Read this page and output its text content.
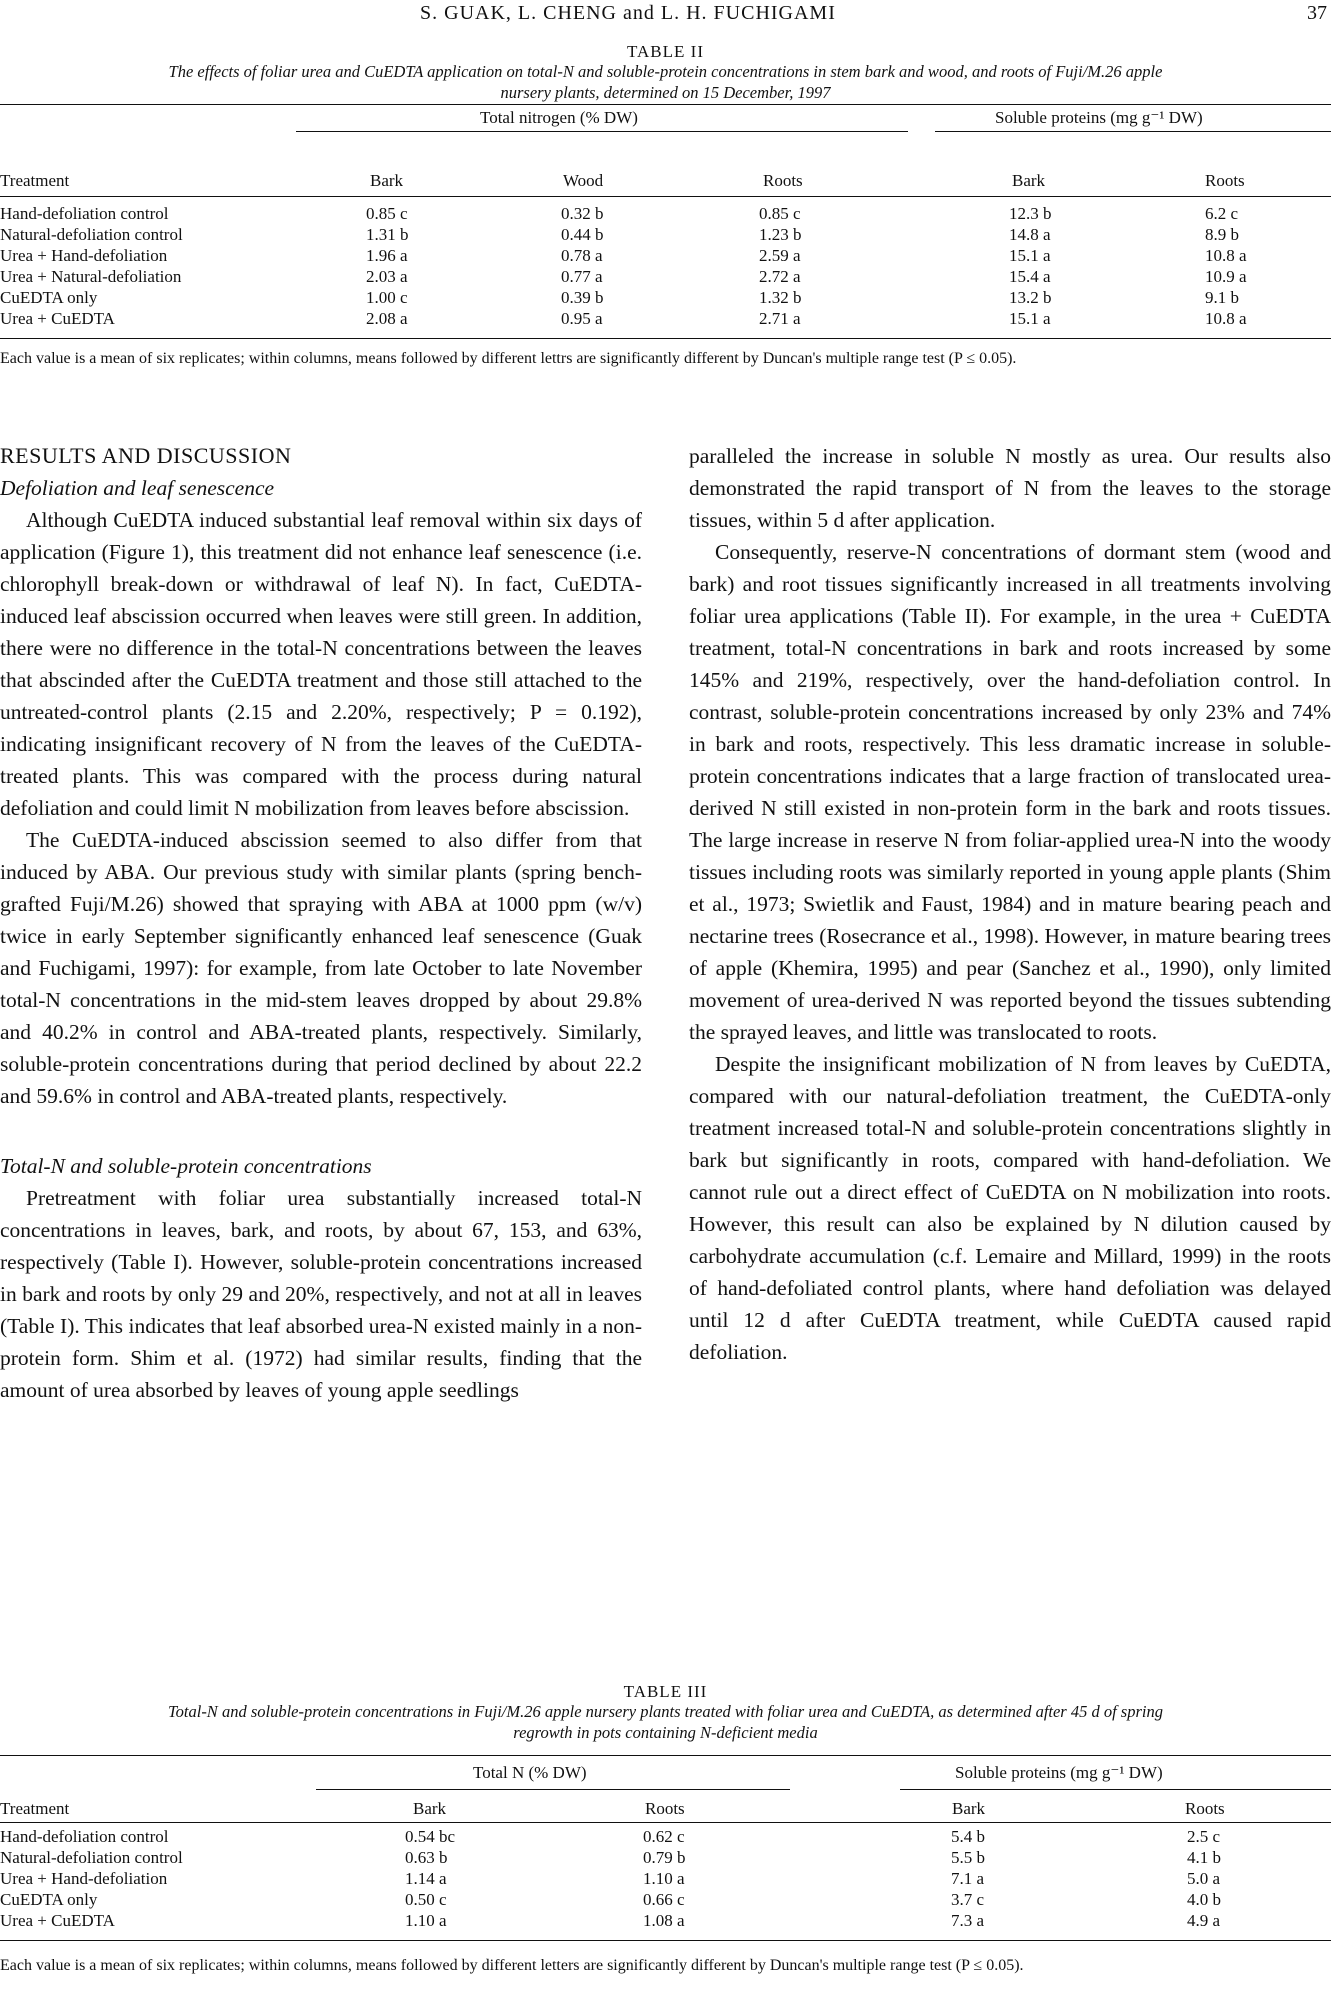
S. GUAK, L. CHENG and L. H. FUCHIGAMI	37
TABLE II
The effects of foliar urea and CuEDTA application on total-N and soluble-protein concentrations in stem bark and wood, and roots of Fuji/M.26 apple
nursery plants, determined on 15 December, 1997
Total nitrogen (% DW)	Soluble proteins (mg g⁻¹ DW)
Treatment	Bark	Wood	Roots	Bark	Roots
Hand-defoliation control	0.85 c	0.32 b	0.85 c	12.3 b	6.2 c
Natural-defoliation control	1.31 b	0.44 b	1.23 b	14.8 a	8.9 b
Urea + Hand-defoliation	1.96 a	0.78 a	2.59 a	15.1 a	10.8 a
Urea + Natural-defoliation	2.03 a	0.77 a	2.72 a	15.4 a	10.9 a
CuEDTA only	1.00 c	0.39 b	1.32 b	13.2 b	9.1 b
Urea + CuEDTA	2.08 a	0.95 a	2.71 a	15.1 a	10.8 a
Each value is a mean of six replicates; within columns, means followed by different lettrs are significantly different by Duncan's multiple range test (P ≤ 0.05).

RESULTS AND DISCUSSION

Defoliation and leaf senescence

Although CuEDTA induced substantial leaf removal within six days of application (Figure 1), this treatment did not enhance leaf senescence (i.e. chlorophyll break-down or withdrawal of leaf N). In fact, CuEDTA-induced leaf abscission occurred when leaves were still green. In addition, there were no difference in the total-N concentrations between the leaves that abscinded after the CuEDTA treatment and those still attached to the untreated-control plants (2.15 and 2.20%, respectively; P = 0.192), indicating insignificant recovery of N from the leaves of the CuEDTA-treated plants. This was compared with the process during natural defoliation and could limit N mobilization from leaves before abscission.

The CuEDTA-induced abscission seemed to also differ from that induced by ABA. Our previous study with similar plants (spring bench-grafted Fuji/M.26) showed that spraying with ABA at 1000 ppm (w/v) twice in early September significantly enhanced leaf senescence (Guak and Fuchigami, 1997): for example, from late October to late November total-N concentrations in the mid-stem leaves dropped by about 29.8% and 40.2% in control and ABA-treated plants, respectively. Similarly, soluble-protein concentrations during that period declined by about 22.2 and 59.6% in control and ABA-treated plants, respectively.

Total-N and soluble-protein concentrations

Pretreatment with foliar urea substantially increased total-N concentrations in leaves, bark, and roots, by about 67, 153, and 63%, respectively (Table I). However, soluble-protein concentrations increased in bark and roots by only 29 and 20%, respectively, and not at all in leaves (Table I). This indicates that leaf absorbed urea-N existed mainly in a non-protein form. Shim et al. (1972) had similar results, finding that the amount of urea absorbed by leaves of young apple seedlings

paralleled the increase in soluble N mostly as urea. Our results also demonstrated the rapid transport of N from the leaves to the storage tissues, within 5 d after application.

Consequently, reserve-N concentrations of dormant stem (wood and bark) and root tissues significantly increased in all treatments involving foliar urea applications (Table II). For example, in the urea + CuEDTA treatment, total-N concentrations in bark and roots increased by some 145% and 219%, respectively, over the hand-defoliation control. In contrast, soluble-protein concentrations increased by only 23% and 74% in bark and roots, respectively. This less dramatic increase in soluble-protein concentrations indicates that a large fraction of translocated urea-derived N still existed in non-protein form in the bark and roots tissues. The large increase in reserve N from foliar-applied urea-N into the woody tissues including roots was similarly reported in young apple plants (Shim et al., 1973; Swietlik and Faust, 1984) and in mature bearing peach and nectarine trees (Rosecrance et al., 1998). However, in mature bearing trees of apple (Khemira, 1995) and pear (Sanchez et al., 1990), only limited movement of urea-derived N was reported beyond the tissues subtending the sprayed leaves, and little was translocated to roots.

Despite the insignificant mobilization of N from leaves by CuEDTA, compared with our natural-defoliation treatment, the CuEDTA-only treatment increased total-N and soluble-protein concentrations slightly in bark but significantly in roots, compared with hand-defoliation. We cannot rule out a direct effect of CuEDTA on N mobilization into roots. However, this result can also be explained by N dilution caused by carbohydrate accumulation (c.f. Lemaire and Millard, 1999) in the roots of hand-defoliated control plants, where hand defoliation was delayed until 12 d after CuEDTA treatment, while CuEDTA caused rapid defoliation.

TABLE III
Total-N and soluble-protein concentrations in Fuji/M.26 apple nursery plants treated with foliar urea and CuEDTA, as determined after 45 d of spring
regrowth in pots containing N-deficient media
Total N (% DW)	Soluble proteins (mg g⁻¹ DW)
Treatment	Bark	Roots	Bark	Roots
Hand-defoliation control	0.54 bc	0.62 c	5.4 b	2.5 c
Natural-defoliation control	0.63 b	0.79 b	5.5 b	4.1 b
Urea + Hand-defoliation	1.14 a	1.10 a	7.1 a	5.0 a
CuEDTA only	0.50 c	0.66 c	3.7 c	4.0 b
Urea + CuEDTA	1.10 a	1.08 a	7.3 a	4.9 a
Each value is a mean of six replicates; within columns, means followed by different letters are significantly different by Duncan's multiple range test (P ≤ 0.05).
